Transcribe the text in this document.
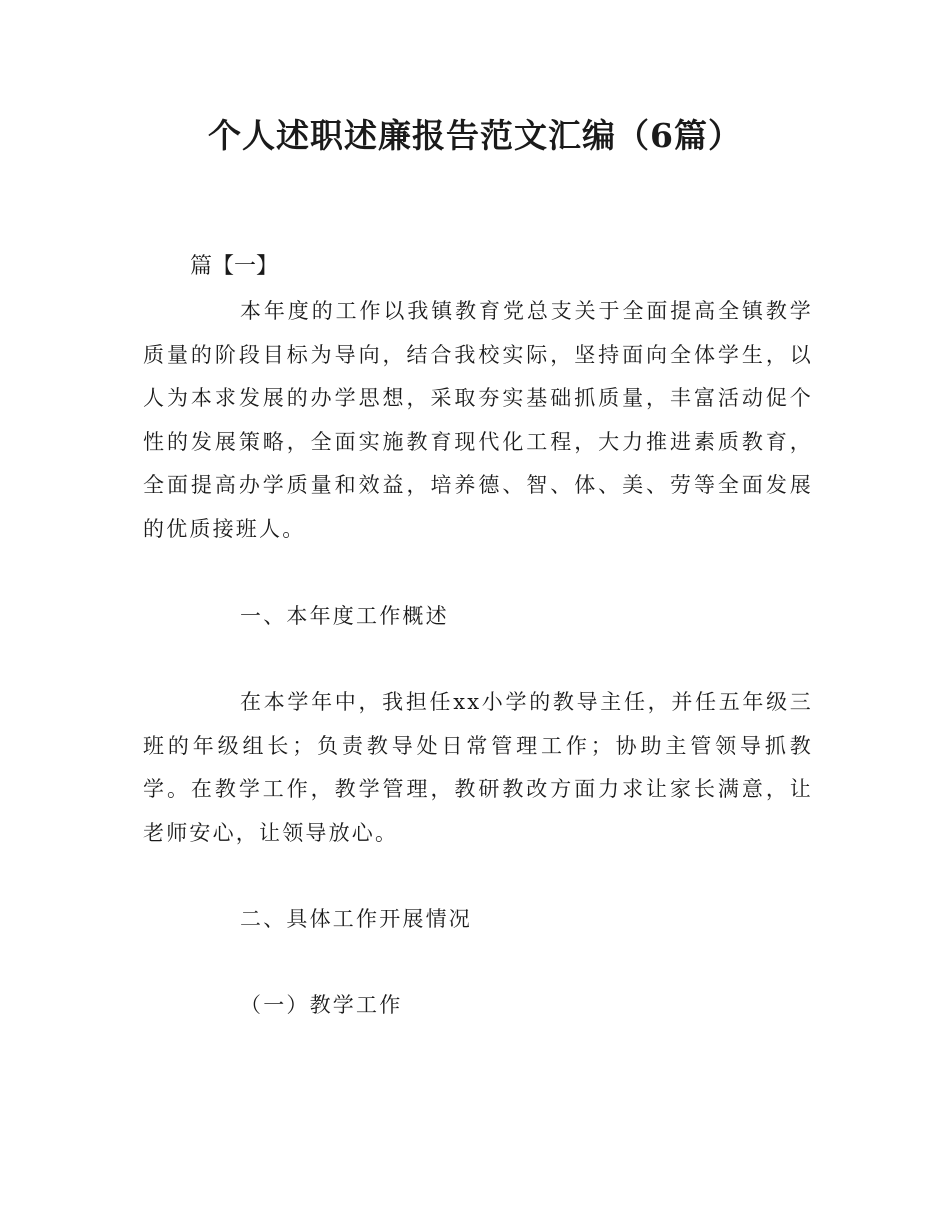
个人述职述廉报告范文汇编（6篇）

篇【一】

本年度的工作以我镇教育党总支关于全面提高全镇教学质量的阶段目标为导向，结合我校实际，坚持面向全体学生，以人为本求发展的办学思想，采取夯实基础抓质量，丰富活动促个性的发展策略，全面实施教育现代化工程，大力推进素质教育，全面提高办学质量和效益，培养德、智、体、美、劳等全面发展的优质接班人。

一、本年度工作概述

在本学年中，我担任xx小学的教导主任，并任五年级三班的年级组长；负责教导处日常管理工作；协助主管领导抓教学。在教学工作，教学管理，教研教改方面力求让家长满意，让老师安心，让领导放心。

二、具体工作开展情况

（一）教学工作
